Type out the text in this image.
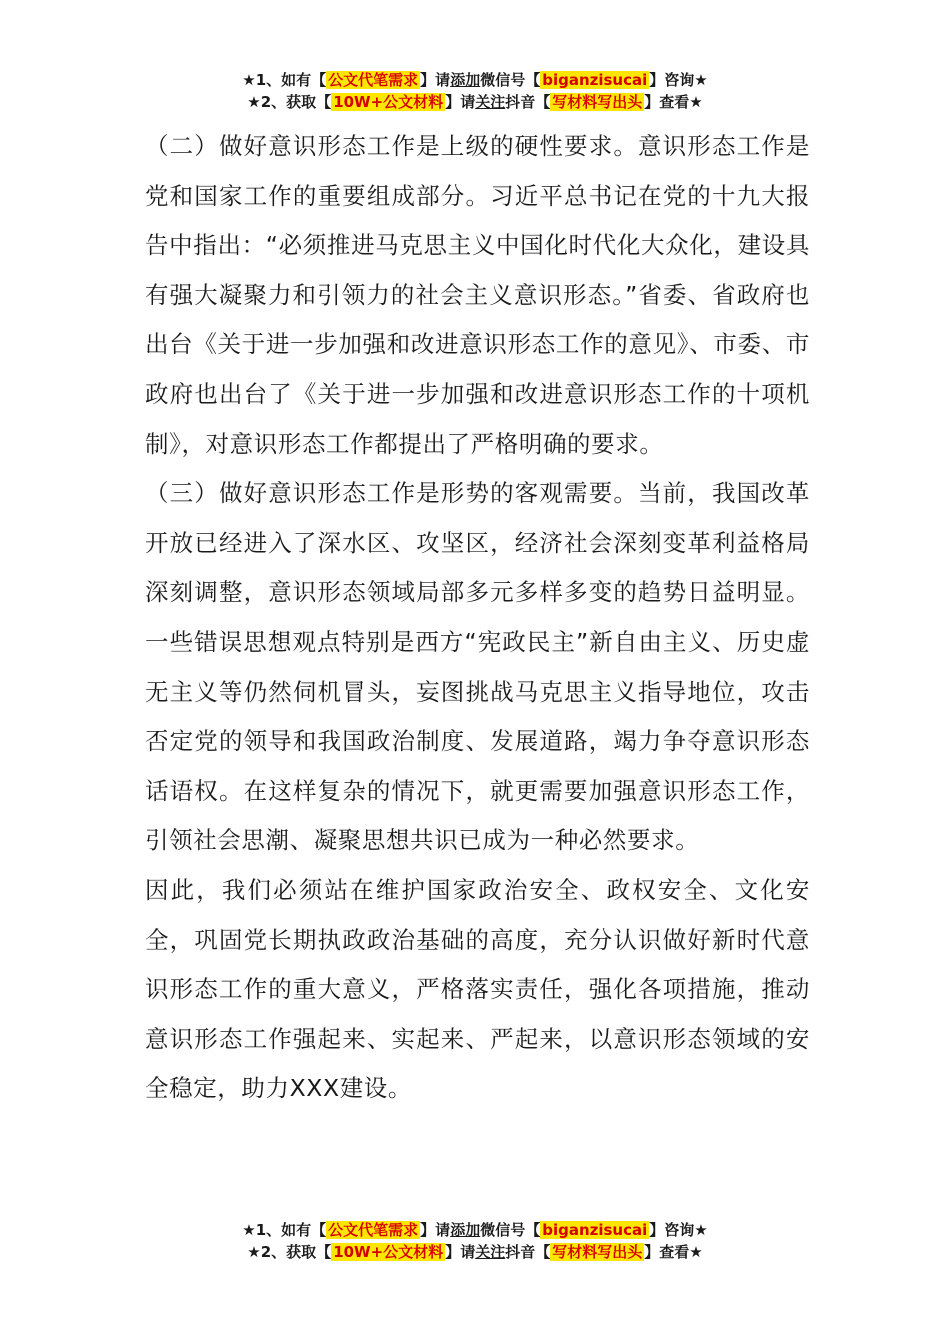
★1、如有【 公文代笔需求 】请添加微信号【 biganzisucai 】咨询★
★2、获取【 10W+公文材料 】请关注抖音【 写材料写出头 】查看★

（二）做好意识形态工作是上级的硬性要求。意识形态工作是党和国家工作的重要组成部分。习近平总书记在党的十九大报告中指出：“必须推进马克思主义中国化时代化大众化，建设具有强大凝聚力和引领力的社会主义意识形态。”省委、省政府也出台《关于进一步加强和改进意识形态工作的意见》、市委、市政府也出台了《关于进一步加强和改进意识形态工作的十项机制》，对意识形态工作都提出了严格明确的要求。

（三）做好意识形态工作是形势的客观需要。当前，我国改革开放已经进入了深水区、攻坚区，经济社会深刻变革利益格局深刻调整，意识形态领域局部多元多样多变的趋势日益明显。一些错误思想观点特别是西方“宪政民主”新自由主义、历史虚无主义等仍然伺机冒头，妄图挑战马克思主义指导地位，攻击否定党的领导和我国政治制度、发展道路，竭力争夺意识形态话语权。在这样复杂的情况下，就更需要加强意识形态工作，引领社会思潮、凝聚思想共识已成为一种必然要求。

因此，我们必须站在维护国家政治安全、政权安全、文化安全，巩固党长期执政政治基础的高度，充分认识做好新时代意识形态工作的重大意义，严格落实责任，强化各项措施，推动意识形态工作强起来、实起来、严起来，以意识形态领域的安全稳定，助力XXX建设。

★1、如有【 公文代笔需求 】请添加微信号【 biganzisucai 】咨询★
★2、获取【 10W+公文材料 】请关注抖音【 写材料写出头 】查看★
